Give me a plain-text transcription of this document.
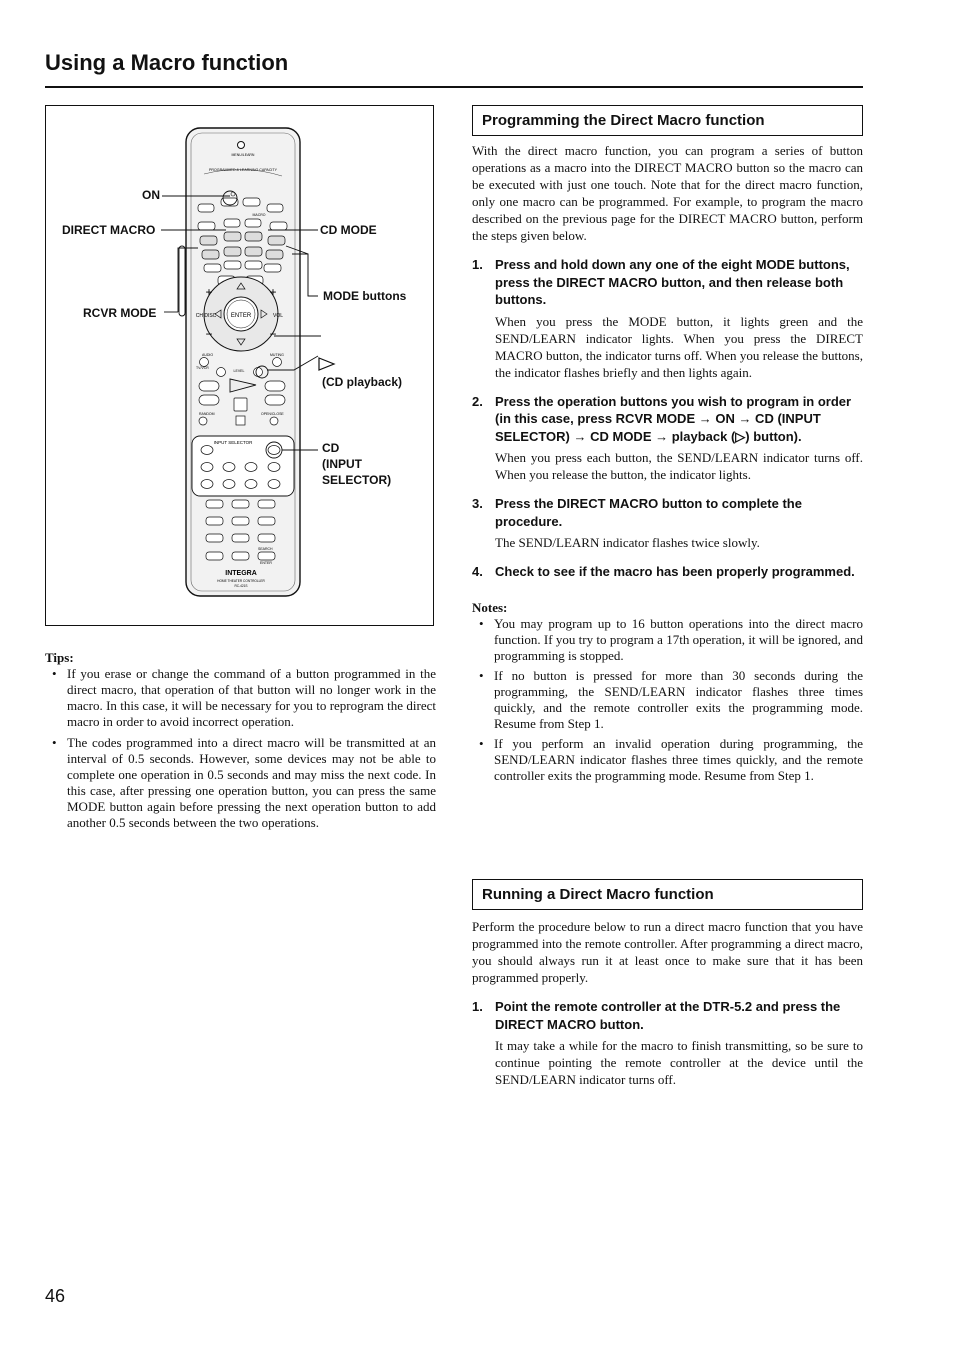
Using a Macro function
MENU/LEARN
PROGRAMMED & LEARNING CAPACITY
MACRO
ENTER
+
−
+
−
CH DISC	VOL
AUDIO	MUTING
TV/VCR
LEVEL
RANDOM	OPEN/CLOSE
INPUT SELECTOR
SEARCH
ENTER
INTEGRA
HOME THEATER CONTROLLER
RC-421S
ON
DIRECT MACRO	CD MODE
MODE buttons
RCVR MODE
(CD playback)
CD
(INPUT
SELECTOR)
Tips:
• If you erase or change the command of a button programmed in the direct macro, that operation of that button will no longer work in the macro. In this case, it will be necessary for you to reprogram the direct macro in order to avoid incorrect operation.
• The codes programmed into a direct macro will be transmitted at an interval of 0.5 seconds. However, some devices may not be able to complete one operation in 0.5 seconds and may miss the next code. In this case, after pressing one operation button, you can press the same MODE button again before pressing the next operation button to add another 0.5 seconds between the two operations.
Programming the Direct Macro function

With the direct macro function, you can program a series of button operations as a macro into the DIRECT MACRO button so the macro can be executed with just one touch. Note that for the direct macro function, only one macro can be programmed. For example, to program the macro described on the previous page for the DIRECT MACRO button, perform the steps given below.

1. Press and hold down any one of the eight MODE buttons, press the DIRECT MACRO button, and then release both buttons.

When you press the MODE button, it lights green and the SEND/LEARN indicator lights. When you press the DIRECT MACRO button, the indicator turns off. When you release the buttons, the indicator flashes briefly and then lights again.

2. Press the operation buttons you wish to program in order (in this case, press RCVR MODE → ON → CD (INPUT SELECTOR) → CD MODE → playback (▷) button).

When you press each button, the SEND/LEARN indicator turns off. When you release the button, the indicator lights.

3. Press the DIRECT MACRO button to complete the procedure.

The SEND/LEARN indicator flashes twice slowly.

4. Check to see if the macro has been properly programmed.
Notes:
• You may program up to 16 button operations into the direct macro function. If you try to program a 17th operation, it will be ignored, and programming is stopped.
• If no button is pressed for more than 30 seconds during the programming, the SEND/LEARN indicator flashes three times quickly, and the remote controller exits the programming mode. Resume from Step 1.
• If you perform an invalid operation during programming, the SEND/LEARN indicator flashes three times quickly, and the remote controller exits the programming mode. Resume from Step 1.
Running a Direct Macro function

Perform the procedure below to run a direct macro function that you have programmed into the remote controller. After programming a direct macro, you should always run it at least once to make sure that it has been programmed properly.

1. Point the remote controller at the DTR-5.2 and press the DIRECT MACRO button.

It may take a while for the macro to finish transmitting, so be sure to continue pointing the remote controller at the device until the SEND/LEARN indicator turns off.

46
